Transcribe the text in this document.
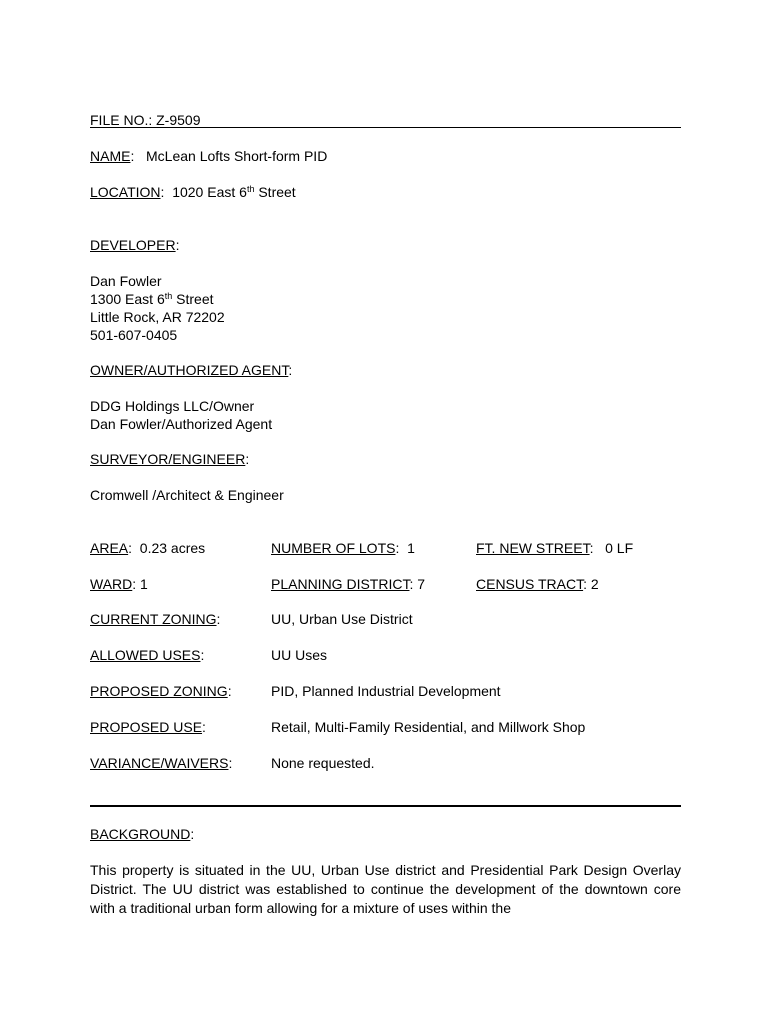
FILE NO.: Z-9509
NAME:   McLean Lofts Short-form PID
LOCATION:  1020 East 6th Street
DEVELOPER:
Dan Fowler
1300 East 6th Street
Little Rock, AR 72202
501-607-0405
OWNER/AUTHORIZED AGENT:
DDG Holdings LLC/Owner
Dan Fowler/Authorized Agent
SURVEYOR/ENGINEER:
Cromwell /Architect & Engineer
AREA:  0.23 acres	NUMBER OF LOTS:  1	FT. NEW STREET:   0 LF
WARD: 1	PLANNING DISTRICT: 7	CENSUS TRACT: 2
CURRENT ZONING:	UU, Urban Use District
ALLOWED USES:	UU Uses
PROPOSED ZONING:	PID, Planned Industrial Development
PROPOSED USE:	Retail, Multi-Family Residential, and Millwork Shop
VARIANCE/WAIVERS:	None requested.
BACKGROUND:
This property is situated in the UU, Urban Use district and Presidential Park Design Overlay District. The UU district was established to continue the development of the downtown core with a traditional urban form allowing for a mixture of uses within the
